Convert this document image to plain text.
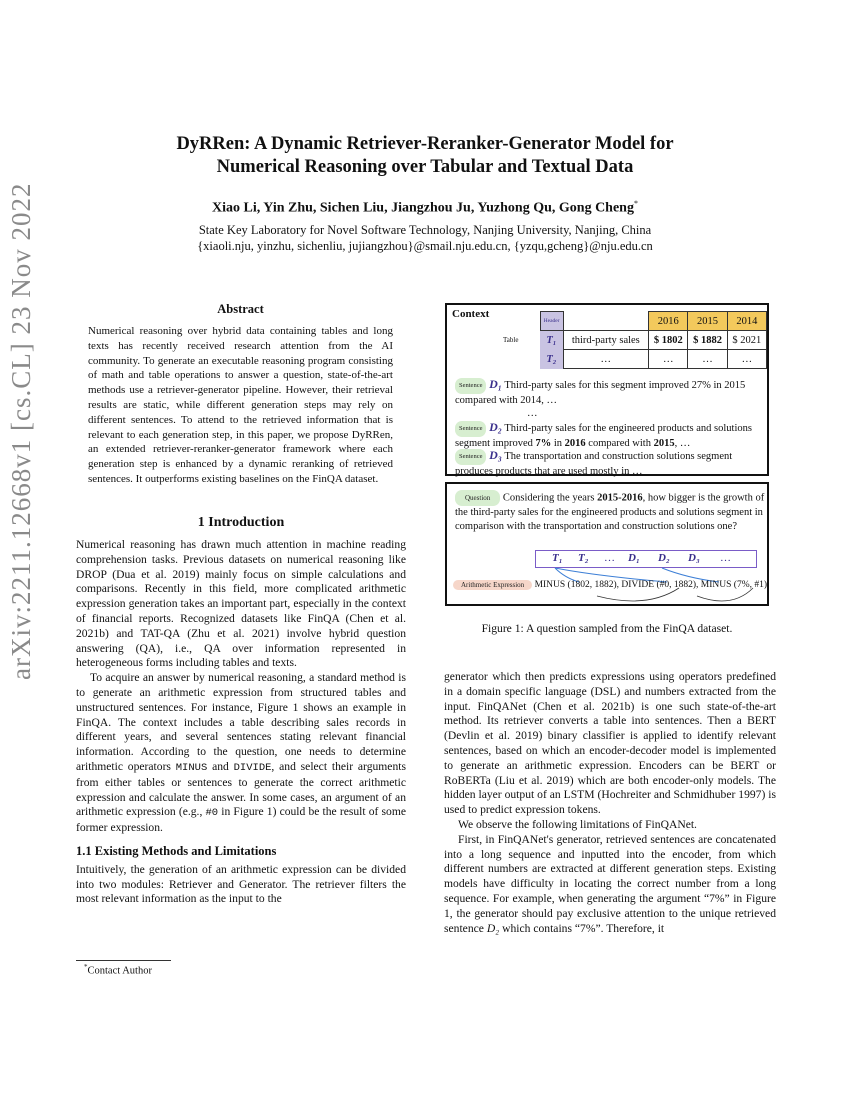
arXiv:2211.12668v1 [cs.CL] 23 Nov 2022
DyRRen: A Dynamic Retriever-Reranker-Generator Model for
Numerical Reasoning over Tabular and Textual Data
Xiao Li, Yin Zhu, Sichen Liu, Jiangzhou Ju, Yuzhong Qu, Gong Cheng*
State Key Laboratory for Novel Software Technology, Nanjing University, Nanjing, China
{xiaoli.nju, yinzhu, sichenliu, jujiangzhou}@smail.nju.edu.cn, {yzqu,gcheng}@nju.edu.cn
Abstract

Numerical reasoning over hybrid data containing tables and long texts has recently received research attention from the AI community. To generate an executable reasoning program consisting of math and table operations to answer a question, state-of-the-art methods use a retriever-generator pipeline. However, their retrieval results are static, while different generation steps may rely on different sentences. To attend to the retrieved information that is relevant to each generation step, in this paper, we propose DyRRen, an extended retriever-reranker-generator framework where each generation step is enhanced by a dynamic reranking of retrieved sentences. It outperforms existing baselines on the FinQA dataset.

1 Introduction

Numerical reasoning has drawn much attention in machine reading comprehension tasks. Previous datasets on numerical reasoning like DROP (Dua et al. 2019) mainly focus on simple calculations and comparisons. Recently in this field, more complicated arithmetic expression generation takes an important part, especially in the context of financial reports. Recognized datasets like FinQA (Chen et al. 2021b) and TAT-QA (Zhu et al. 2021) involve hybrid question answering (QA), i.e., QA over information represented in heterogeneous forms including tables and texts.

To acquire an answer by numerical reasoning, a standard method is to generate an arithmetic expression from structured tables and unstructured sentences. For instance, Figure 1 shows an example in FinQA. The context includes a table describing sales records in different years, and several sentences stating relevant financial information. According to the question, one needs to determine arithmetic operators MINUS and DIVIDE, and select their arguments from either tables or sentences to generate the correct arithmetic expression and calculate the answer. In some cases, an argument of an arithmetic expression (e.g., #0 in Figure 1) could be the result of some former expression.

1.1 Existing Methods and Limitations

Intuitively, the generation of an arithmetic expression can be divided into two modules: Retriever and Generator. The retriever filters the most relevant information as the input to the

*Contact Author
Context
Table
	Header		2016	2015	2014
	T₁	third-party sales	$ 1802	$ 1882	$ 2021
	T₂	…	…	…	…
Sentence D₁ Third-party sales for this segment improved 27% in 2015 compared with 2014, …
…
Sentence D₂ Third-party sales for the engineered products and solutions segment improved 7% in 2016 compared with 2015, …
Sentence D₃ The transportation and construction solutions segment produces products that are used mostly in …
Question Considering the years 2015-2016, how bigger is the growth of the third-party sales for the engineered products and solutions segment in comparison with the transportation and construction solutions one?
T₁ T₂ … D₁ D₂ D₃ …
Arithmetic Expression MINUS (1802, 1882), DIVIDE (#0, 1882), MINUS (7%, #1)
Figure 1: A question sampled from the FinQA dataset.

generator which then predicts expressions using operators predefined in a domain specific language (DSL) and numbers extracted from the input. FinQANet (Chen et al. 2021b) is one such state-of-the-art method. Its retriever converts a table into sentences. Then a BERT (Devlin et al. 2019) binary classifier is applied to identify relevant sentences, based on which an encoder-decoder model is implemented to generate an arithmetic expression. Encoders can be BERT or RoBERTa (Liu et al. 2019) which are both encoder-only models. The hidden layer output of an LSTM (Hochreiter and Schmidhuber 1997) is used to predict expression tokens.

We observe the following limitations of FinQANet.

First, in FinQANet's generator, retrieved sentences are concatenated into a long sequence and inputted into the encoder, from which different numbers are extracted at different generation steps. Existing models have difficulty in locating the correct number from a long sequence. For example, when generating the argument “7%” in Figure 1, the generator should pay exclusive attention to the unique retrieved sentence D₂ which contains “7%”. Therefore, it
